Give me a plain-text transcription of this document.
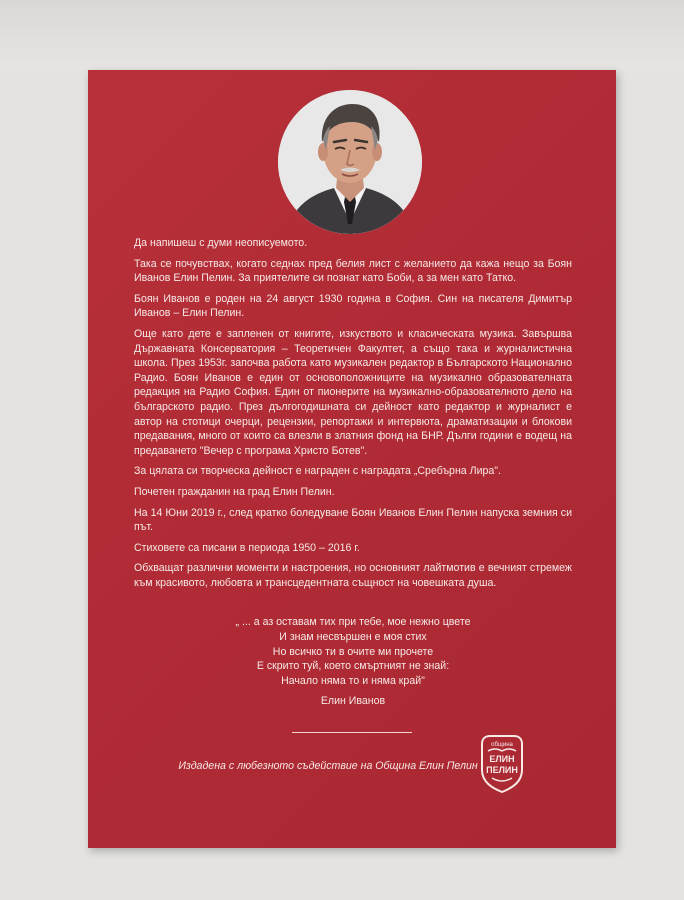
Да напишеш с думи неописуемото.

Така се почувствах, когато седнах пред белия лист с желанието да кажа нещо за Боян Иванов Елин Пелин. За приятелите си познат като Боби, а за мен като Татко.

Боян Иванов е роден на 24 август 1930 година в София. Син на писателя Димитър Иванов – Елин Пелин.

Още като дете е запленен от книгите, изкуството и класическата музика. Завършва Държавната Консерватория – Теоретичен Факултет, а също така и журналистична школа. През 1953г. започва работа като музикален редактор в Българското Национално Радио. Боян Иванов е един от основоположниците на музикално образователната редакция на Радио София. Един от пионерите на музикално-образователното дело на българското радио. През дългогодишната си дейност като редактор и журналист е автор на стотици очерци, рецензии, репортажи и интервюта, драматизации и блокови предавания, много от които са влезли в златния фонд на БНР. Дълги години е водещ на предаването "Вечер с програма Христо Ботев".

За цялата си творческа дейност е награден с наградата „Сребърна Лира".

Почетен гражданин на град Елин Пелин.

На 14 Юни 2019 г., след кратко боледуване Боян Иванов Елин Пелин напуска земния си път.

Стиховете са писани в периода 1950 – 2016 г.

Обхващат различни моменти и настроения, но основният лайтмотив е вечният стремеж към красивото, любовта и трансцедентната същност на човешката душа.

„ ... а аз оставам тих при тебе, мое нежно цвете
И знам несвършен е моя стих
Но всичко ти в очите ми прочете
Е скрито туй, което смъртният не знай:
Начало няма то и няма край"
Елин Иванов
Издадена с любезното съдействие на Община Елин Пелин
община
ЕЛИН
ПЕЛИН
